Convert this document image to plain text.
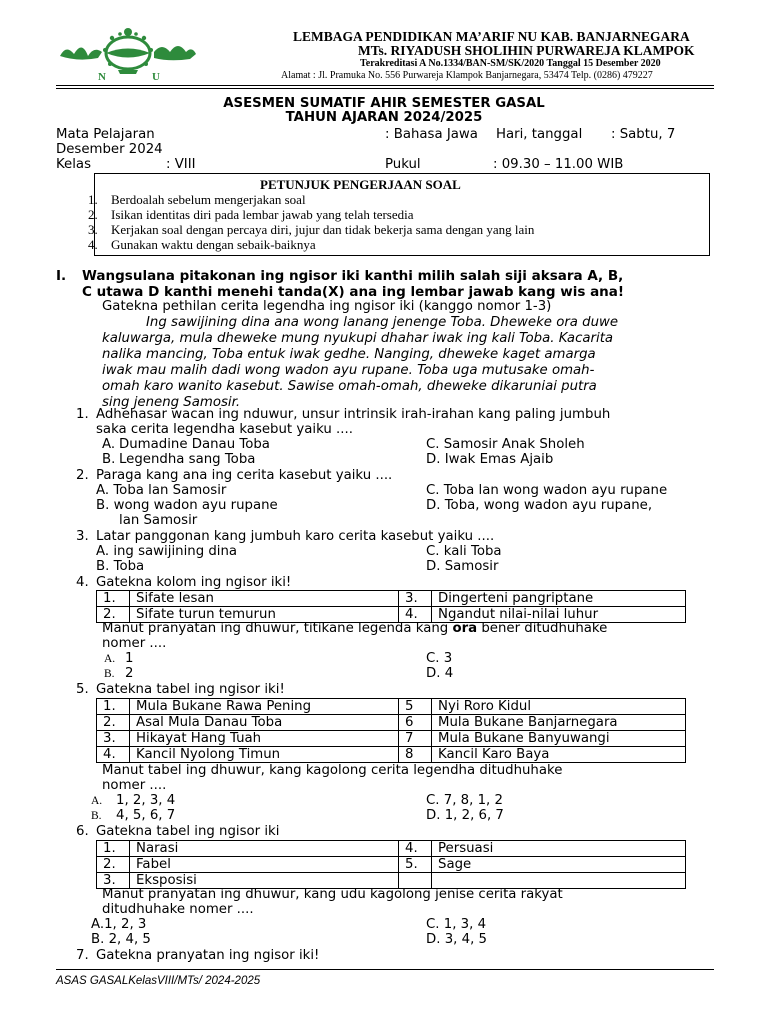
N	U
LEMBAGA PENDIDIKAN MA’ARIF NU KAB. BANJARNEGARA
MTs. RIYADUSH SHOLIHIN PURWAREJA KLAMPOK
Terakreditasi A No.1334/BAN-SM/SK/2020 Tanggal 15 Desember 2020
Alamat : Jl. Pramuka No. 556 Purwareja Klampok Banjarnegara, 53474 Telp. (0286) 479227
ASESMEN SUMATIF AHIR SEMESTER GASAL
TAHUN AJARAN 2024/2025
Mata Pelajaran	: Bahasa Jawa Hari, tanggal : Sabtu, 7
Desember 2024
Kelas	: VIII	Pukul	: 09.30 – 11.00 WIB
PETUNJUK PENGERJAAN SOAL
1. Berdoalah sebelum mengerjakan soal
2. Isikan identitas diri pada lembar jawab yang telah tersedia
3. Kerjakan soal dengan percaya diri, jujur dan tidak bekerja sama dengan yang lain
4. Gunakan waktu dengan sebaik-baiknya
I. Wangsulana pitakonan ing ngisor iki kanthi milih salah siji aksara A, B,
C utawa D kanthi menehi tanda(X) ana ing lembar jawab kang wis ana!
Gatekna pethilan cerita legendha ing ngisor iki (kanggo nomor 1-3)
Ing sawijining dina ana wong lanang jenenge Toba. Dheweke ora duwe
kaluwarga, mula dheweke mung nyukupi dhahar iwak ing kali Toba. Kacarita
nalika mancing, Toba entuk iwak gedhe. Nanging, dheweke kaget amarga
iwak mau malih dadi wong wadon ayu rupane. Toba uga mutusake omah-
omah karo wanito kasebut. Sawise omah-omah, dheweke dikaruniai putra
sing jeneng Samosir.
1. Adhehasar wacan ing nduwur, unsur intrinsik irah-irahan kang paling jumbuh
saka cerita legendha kasebut yaiku ....
A. Dumadine Danau Toba	C. Samosir Anak Sholeh
B. Legendha sang Toba	D. Iwak Emas Ajaib
2. Paraga kang ana ing cerita kasebut yaiku ....
A. Toba lan Samosir	C. Toba lan wong wadon ayu rupane
B. wong wadon ayu rupane	D. Toba, wong wadon ayu rupane,
lan Samosir
3. Latar panggonan kang jumbuh karo cerita kasebut yaiku ....
A. ing sawijining dina	C. kali Toba
B. Toba	D. Samosir
4. Gatekna kolom ing ngisor iki!
1.	Sifate lesan	3.	Dingerteni pangriptane
2.	Sifate turun temurun	4.	Ngandut nilai-nilai luhur
Manut pranyatan ing dhuwur, titikane legenda kang ora bener ditudhuhake
nomer ....
A. 1	C. 3
B. 2	D. 4
5. Gatekna tabel ing ngisor iki!
1.	Mula Bukane Rawa Pening	5	Nyi Roro Kidul
2.	Asal Mula Danau Toba	6	Mula Bukane Banjarnegara
3.	Hikayat Hang Tuah	7	Mula Bukane Banyuwangi
4.	Kancil Nyolong Timun	8	Kancil Karo Baya
Manut tabel ing dhuwur, kang kagolong cerita legendha ditudhuhake
nomer ....
A. 1, 2, 3, 4	C. 7, 8, 1, 2
B. 4, 5, 6, 7	D. 1, 2, 6, 7
6. Gatekna tabel ing ngisor iki
1.	Narasi	4.	Persuasi
2.	Fabel	5.	Sage
3.	Eksposisi		
Manut pranyatan ing dhuwur, kang udu kagolong jenise cerita rakyat
ditudhuhake nomer ....
A.1, 2, 3	C. 1, 3, 4
B. 2, 4, 5	D. 3, 4, 5
7. Gatekna pranyatan ing ngisor iki!
ASAS GASALKelasVIII/MTs/ 2024-2025
